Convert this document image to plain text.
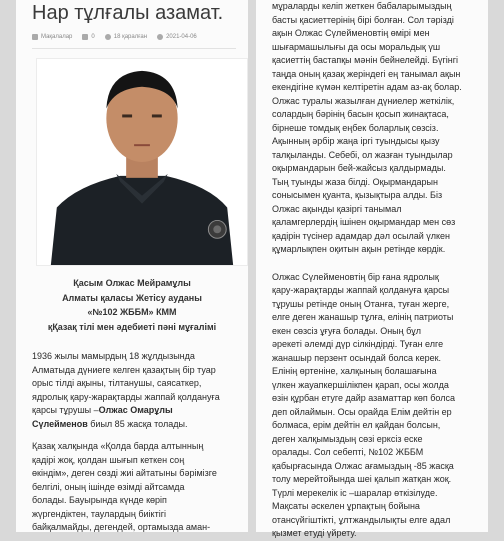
Нар тұлғалы азамат.
Мақалалар	0	18 қаралған	2021-04-06
Қасым Олжас Мейрамұлы
Алматы қаласы Жетісу ауданы
«№102 ЖББМ» КММ
қҚазақ тілі мен әдебиеті пәні мұғалімі
1936 жылы мамырдың 18 жұлдызында
Алматыда дүниеге келген қазақтың бір туар
орыс тілді ақыны, тілтанушы, саясаткер,
ядролық қару-жарақтарды жаппай қолдануға
қарсы тұрушы –Олжас Омарұлы
Сүлейменов биыл 85 жасқа толады.
Қазақ халқында «Қолда барда алтынның
қадірі жоқ, қолдан шығып кеткен соң
өкіндім», деген сөзді жиі айтатыны бәрімізге
белгілі, оның ішінде өзімді айтсамда
болады. Бауырында күнде көріп
жүргендіктен, таулардың биіктігі
байқалмайды, дегендей, ортамызда аман-
мұраларды келіп жеткен бабаларымыздың
басты қасиеттерінің бірі болған. Сол тәрізді
ақын Олжас Сүлейменовтің өмірі мен
шығармашылығы да осы моральдық үш
қасиеттің бастапқы мәнін бейнелейді. Бүгінгі
таңда оның қазақ жеріндегі ең танымал ақын
екендігіне күмән келтіретін адам аз-ақ болар.
Олжас туралы жазылған дүниелер жеткілік,
солардың бәрінің басын қосып жинақтаса,
бірнеше томдық еңбек боларлық сөзсіз.
Ақынның әрбір жаңа іргі туындысы қызу
талқыланды. Себебі, ол жазған туындылар
оқырмандарын бей-жайсыз қалдырмады.
Тың туынды жаза білді. Оқырмандарын
сонысымен қуанта, қызықтыра алды. Біз
Олжас ақынды қазіргі танымал
қаламгерлердің ішінен оқырмандар мен сөз
қадірін түсінер адамдар дәл осылай үлкен
құмарлықпен оқитын ақын ретінде көрдік.
Олжас Сүлейменовтің бір ғана ядролық
қару-жарақтарды жаппай қолдануға қарсы
тұрушы ретінде оның Отанға, туған жерге,
елге деген жанашыр тұлға, елінің патриоты
екен сөзсіз ұғуға болады. Оның бұл
әрекеті әлемді дүр сілкіндірді. Туған елге
жанашыр перзент осындай болса керек.
Елінің өртеніне, халқының болашағына
үлкен жауапкершілікпен қарап, осы жолда
өзін құрбан етуге дайр азаматтар көп болса
деп ойлаймын. Осы орайда Елім дейтін ер
болмаса, ерім дейтін ел қайдан болсын,
деген халқымыздың сөзі ерксіз еске
оралады. Сол себепті, №102 ЖББМ
қабырғасында Олжас ағамыздың -85 жасқа
толу мерейтойында шеі қалып жатқан жоқ.
Түрлі мерекелік іс –шаралар өткізілуде.
Мақсаты әскелен ұрпақтың бойына
отансүйгіштікті, ұлтжандылықты елге адал
қызмет етуді үйрету.
